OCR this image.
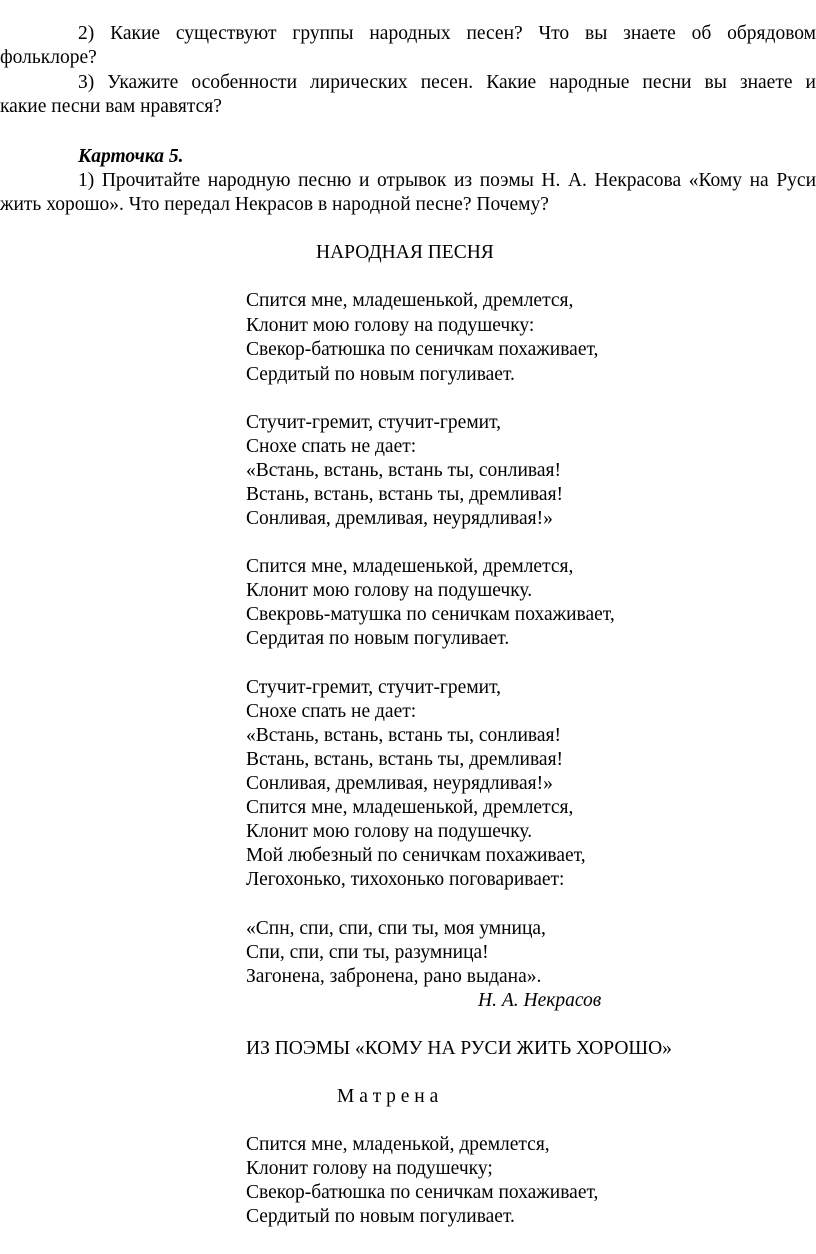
2) Какие существуют группы народных песен? Что вы знаете об обрядовом
фольклоре?
3) Укажите особенности лирических песен. Какие народные песни вы знаете и
какие песни вам нравятся?
Карточка 5.
1) Прочитайте народную песню и отрывок из поэмы Н. А. Некрасова «Кому на Руси
жить хорошо». Что передал Некрасов в народной песне? Почему?
НАРОДНАЯ ПЕСНЯ
Спится мне, младешенькой, дремлется,
Клонит мою голову на подушечку:
Свекор-батюшка по сеничкам похаживает,
Сердитый по новым погуливает.
Стучит-гремит, стучит-гремит,
Снохе спать не дает:
«Встань, встань, встань ты, сонливая!
Встань, встань, встань ты, дремливая!
Сонливая, дремливая, неурядливая!»
Спится мне, младешенькой, дремлется,
Клонит мою голову на подушечку.
Свекровь-матушка по сеничкам похаживает,
Сердитая по новым погуливает.
Стучит-гремит, стучит-гремит,
Снохе спать не дает:
«Встань, встань, встань ты, сонливая!
Встань, встань, встань ты, дремливая!
Сонливая, дремливая, неурядливая!»
Спится мне, младешенькой, дремлется,
Клонит мою голову на подушечку.
Мой любезный по сеничкам похаживает,
Легохонько, тихохонько поговаривает:
«Спн, спи, спи, спи ты, моя умница,
Спи, спи, спи ты, разумница!
Загонена, забронена, рано выдана».
Н. А. Некрасов
ИЗ ПОЭМЫ «КОМУ НА РУСИ ЖИТЬ ХОРОШО»
М а т р е н а
Спится мне, младенькой, дремлется,
Клонит голову на подушечку;
Свекор-батюшка по сеничкам похаживает,
Сердитый по новым погуливает.
